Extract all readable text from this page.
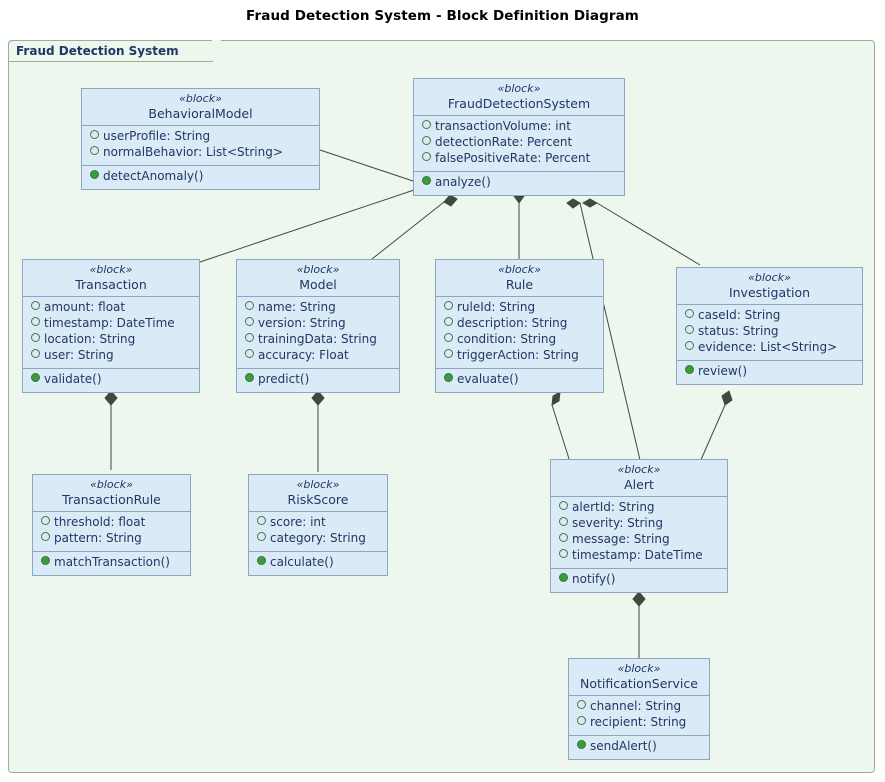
Fraud Detection System - Block Definition Diagram
Fraud Detection System
«block»
BehavioralModel
userProfile: String
normalBehavior: List<String>
detectAnomaly()
«block»
FraudDetectionSystem
transactionVolume: int
detectionRate: Percent
falsePositiveRate: Percent
analyze()
«block»
Transaction
amount: float
timestamp: DateTime
location: String
user: String
validate()
«block»
Model
name: String
version: String
trainingData: String
accuracy: Float
predict()
«block»
Rule
ruleId: String
description: String
condition: String
triggerAction: String
evaluate()
«block»
Investigation
caseId: String
status: String
evidence: List<String>
review()
«block»
TransactionRule
threshold: float
pattern: String
matchTransaction()
«block»
RiskScore
score: int
category: String
calculate()
«block»
Alert
alertId: String
severity: String
message: String
timestamp: DateTime
notify()
«block»
NotificationService
channel: String
recipient: String
sendAlert()
